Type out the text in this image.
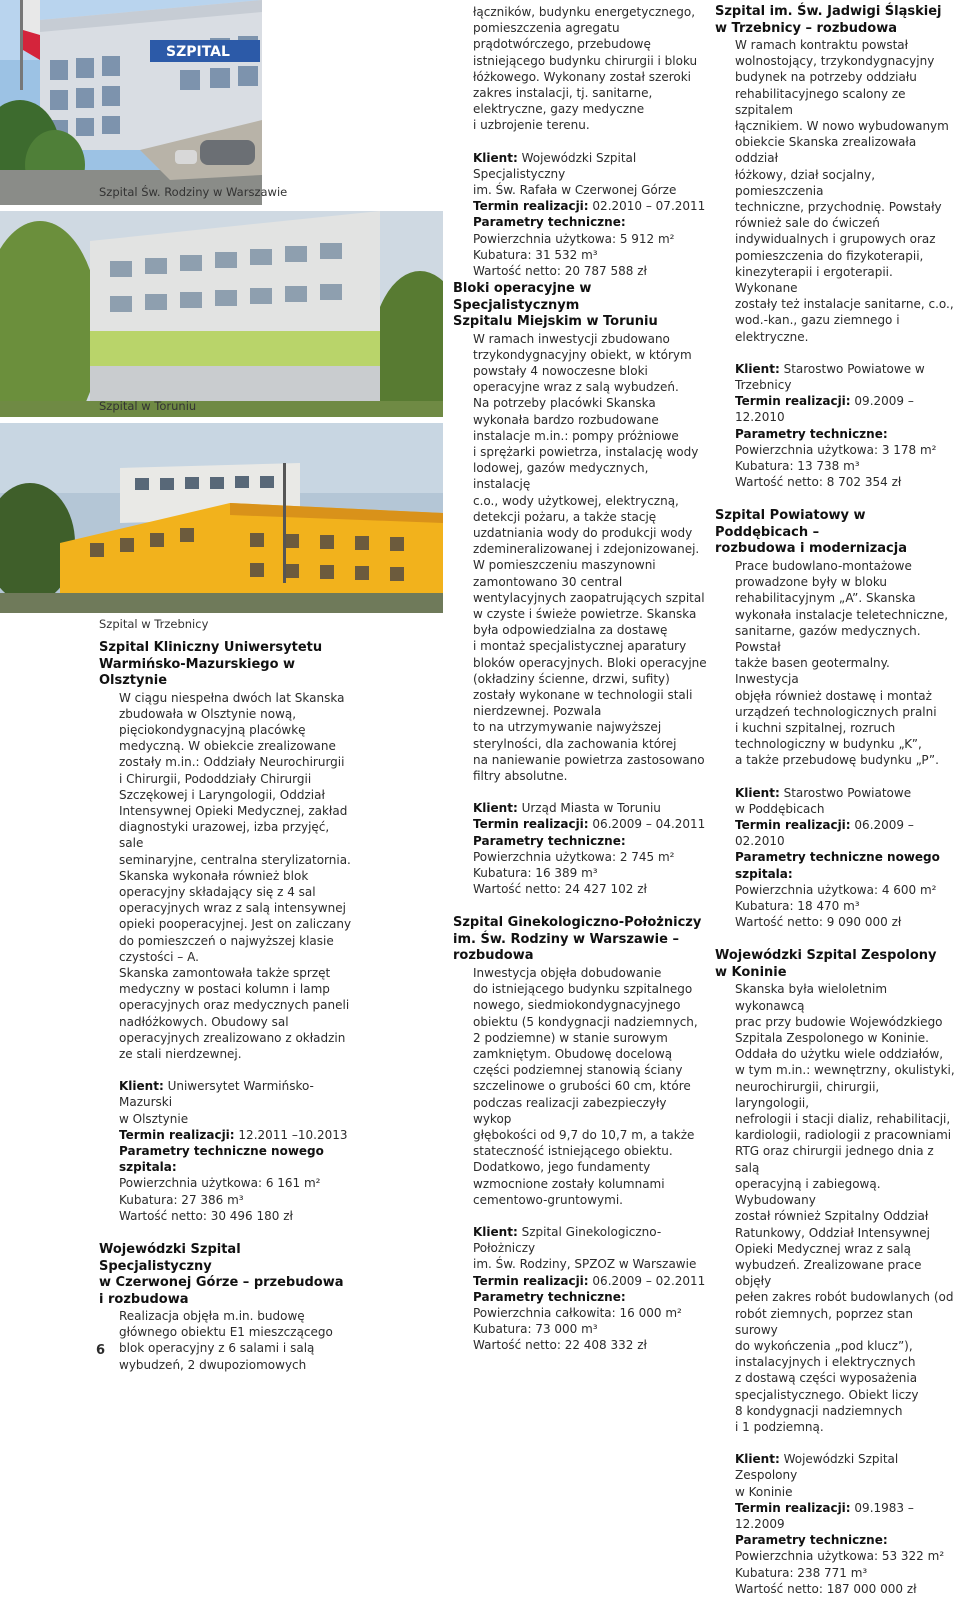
SZPITAL
Szpital Św. Rodziny w Warszawie
Szpital w Toruniu
Szpital w Trzebnicy

Szpital Kliniczny Uniwersytetu
Warmińsko-Mazurskiego w Olsztynie

W ciągu niespełna dwóch lat Skanska
zbudowała w Olsztynie nową,
pięciokondygnacyjną placówkę
medyczną. W obiekcie zrealizowane
zostały m.in.: Oddziały Neurochirurgii
i Chirurgii, Pododdziały Chirurgii
Szczękowej i Laryngologii, Oddział
Intensywnej Opieki Medycznej, zakład
diagnostyki urazowej, izba przyjęć, sale
seminaryjne, centralna sterylizatornia.
Skanska wykonała również blok
operacyjny składający się z 4 sal
operacyjnych wraz z salą intensywnej
opieki pooperacyjnej. Jest on zaliczany
do pomieszczeń o najwyższej klasie
czystości – A.
Skanska zamontowała także sprzęt
medyczny w postaci kolumn i lamp
operacyjnych oraz medycznych paneli
nadłóżkowych. Obudowy sal
operacyjnych zrealizowano z okładzin
ze stali nierdzewnej.
Klient: Uniwersytet Warmińsko-Mazurski
w Olsztynie
Termin realizacji: 12.2011 –10.2013
Parametry techniczne nowego szpitala:
Powierzchnia użytkowa: 6 161 m²
Kubatura: 27 386 m³
Wartość netto: 30 496 180 zł

Wojewódzki Szpital Specjalistyczny
w Czerwonej Górze – przebudowa
i rozbudowa

Realizacja objęła m.in. budowę
głównego obiektu E1 mieszczącego
blok operacyjny z 6 salami i salą
wybudzeń, 2 dwupoziomowych
łączników, budynku energetycznego,
pomieszczenia agregatu
prądotwórczego, przebudowę
istniejącego budynku chirurgii i bloku
łóżkowego. Wykonany został szeroki
zakres instalacji, tj. sanitarne,
elektryczne, gazy medyczne
i uzbrojenie terenu.
Klient: Wojewódzki Szpital Specjalistyczny
im. Św. Rafała w Czerwonej Górze
Termin realizacji: 02.2010 – 07.2011
Parametry techniczne:
Powierzchnia użytkowa: 5 912 m²
Kubatura: 31 532 m³
Wartość netto: 20 787 588 zł

Bloki operacyjne w Specjalistycznym
Szpitalu Miejskim w Toruniu

W ramach inwestycji zbudowano
trzykondygnacyjny obiekt, w którym
powstały 4 nowoczesne bloki
operacyjne wraz z salą wybudzeń.
Na potrzeby placówki Skanska
wykonała bardzo rozbudowane
instalacje m.in.: pompy próżniowe
i sprężarki powietrza, instalację wody
lodowej, gazów medycznych, instalację
c.o., wody użytkowej, elektryczną,
detekcji pożaru, a także stację
uzdatniania wody do produkcji wody
zdemineralizowanej i zdejonizowanej.
W pomieszczeniu maszynowni
zamontowano 30 central
wentylacyjnych zaopatrujących szpital
w czyste i świeże powietrze. Skanska
była odpowiedzialna za dostawę
i montaż specjalistycznej aparatury
bloków operacyjnych. Bloki operacyjne
(okładziny ścienne, drzwi, sufity)
zostały wykonane w technologii stali
nierdzewnej. Pozwala
to na utrzymywanie najwyższej
sterylności, dla zachowania której
na naniewanie powietrza zastosowano
filtry absolutne.
Klient: Urząd Miasta w Toruniu
Termin realizacji: 06.2009 – 04.2011
Parametry techniczne:
Powierzchnia użytkowa: 2 745 m²
Kubatura: 16 389 m³
Wartość netto: 24 427 102 zł

Szpital Ginekologiczno-Położniczy
im. Św. Rodziny w Warszawie –
rozbudowa

Inwestycja objęła dobudowanie
do istniejącego budynku szpitalnego
nowego, siedmiokondygnacyjnego
obiektu (5 kondygnacji nadziemnych,
2 podziemne) w stanie surowym
zamkniętym. Obudowę docelową
części podziemnej stanowią ściany
szczelinowe o grubości 60 cm, które
podczas realizacji zabezpieczyły wykop
głębokości od 9,7 do 10,7 m, a także
stateczność istniejącego obiektu.
Dodatkowo, jego fundamenty
wzmocnione zostały kolumnami
cementowo-gruntowymi.
Klient: Szpital Ginekologiczno-Położniczy
im. Św. Rodziny, SPZOZ w Warszawie
Termin realizacji: 06.2009 – 02.2011
Parametry techniczne:
Powierzchnia całkowita: 16 000 m²
Kubatura: 73 000 m³
Wartość netto: 22 408 332 zł

Szpital im. Św. Jadwigi Śląskiej
w Trzebnicy – rozbudowa

W ramach kontraktu powstał
wolnostojący, trzykondygnacyjny
budynek na potrzeby oddziału
rehabilitacyjnego scalony ze szpitalem
łącznikiem. W nowo wybudowanym
obiekcie Skanska zrealizowała oddział
łóżkowy, dział socjalny, pomieszczenia
techniczne, przychodnię. Powstały
również sale do ćwiczeń
indywidualnych i grupowych oraz
pomieszczenia do fizykoterapii,
kinezyterapii i ergoterapii. Wykonane
zostały też instalacje sanitarne, c.o.,
wod.-kan., gazu ziemnego i elektryczne.
Klient: Starostwo Powiatowe w Trzebnicy
Termin realizacji: 09.2009 – 12.2010
Parametry techniczne:
Powierzchnia użytkowa: 3 178 m²
Kubatura: 13 738 m³
Wartość netto: 8 702 354 zł

Szpital Powiatowy w Poddębicach –
rozbudowa i modernizacja

Prace budowlano-montażowe
prowadzone były w bloku
rehabilitacyjnym „A”. Skanska
wykonała instalacje teletechniczne,
sanitarne, gazów medycznych. Powstał
także basen geotermalny. Inwestycja
objęła również dostawę i montaż
urządzeń technologicznych pralni
i kuchni szpitalnej, rozruch
technologiczny w budynku „K”,
a także przebudowę budynku „P”.
Klient: Starostwo Powiatowe
w Poddębicach
Termin realizacji: 06.2009 – 02.2010
Parametry techniczne nowego
szpitala:
Powierzchnia użytkowa: 4 600 m²
Kubatura: 18 470 m³
Wartość netto: 9 090 000 zł

Wojewódzki Szpital Zespolony
w Koninie

Skanska była wieloletnim wykonawcą
prac przy budowie Wojewódzkiego
Szpitala Zespolonego w Koninie.
Oddała do użytku wiele oddziałów,
w tym m.in.: wewnętrzny, okulistyki,
neurochirurgii, chirurgii, laryngologii,
nefrologii i stacji dializ, rehabilitacji,
kardiologii, radiologii z pracowniami
RTG oraz chirurgii jednego dnia z salą
operacyjną i zabiegową. Wybudowany
został również Szpitalny Oddział
Ratunkowy, Oddział Intensywnej
Opieki Medycznej wraz z salą
wybudzeń. Zrealizowane prace objęły
pełen zakres robót budowlanych (od
robót ziemnych, poprzez stan surowy
do wykończenia „pod klucz”),
instalacyjnych i elektrycznych
z dostawą części wyposażenia
specjalistycznego. Obiekt liczy
8 kondygnacji nadziemnych
i 1 podziemną.
Klient: Wojewódzki Szpital Zespolony
w Koninie
Termin realizacji: 09.1983 – 12.2009
Parametry techniczne:
Powierzchnia użytkowa: 53 322 m²
Kubatura: 238 771 m³
Wartość netto: 187 000 000 zł
6
